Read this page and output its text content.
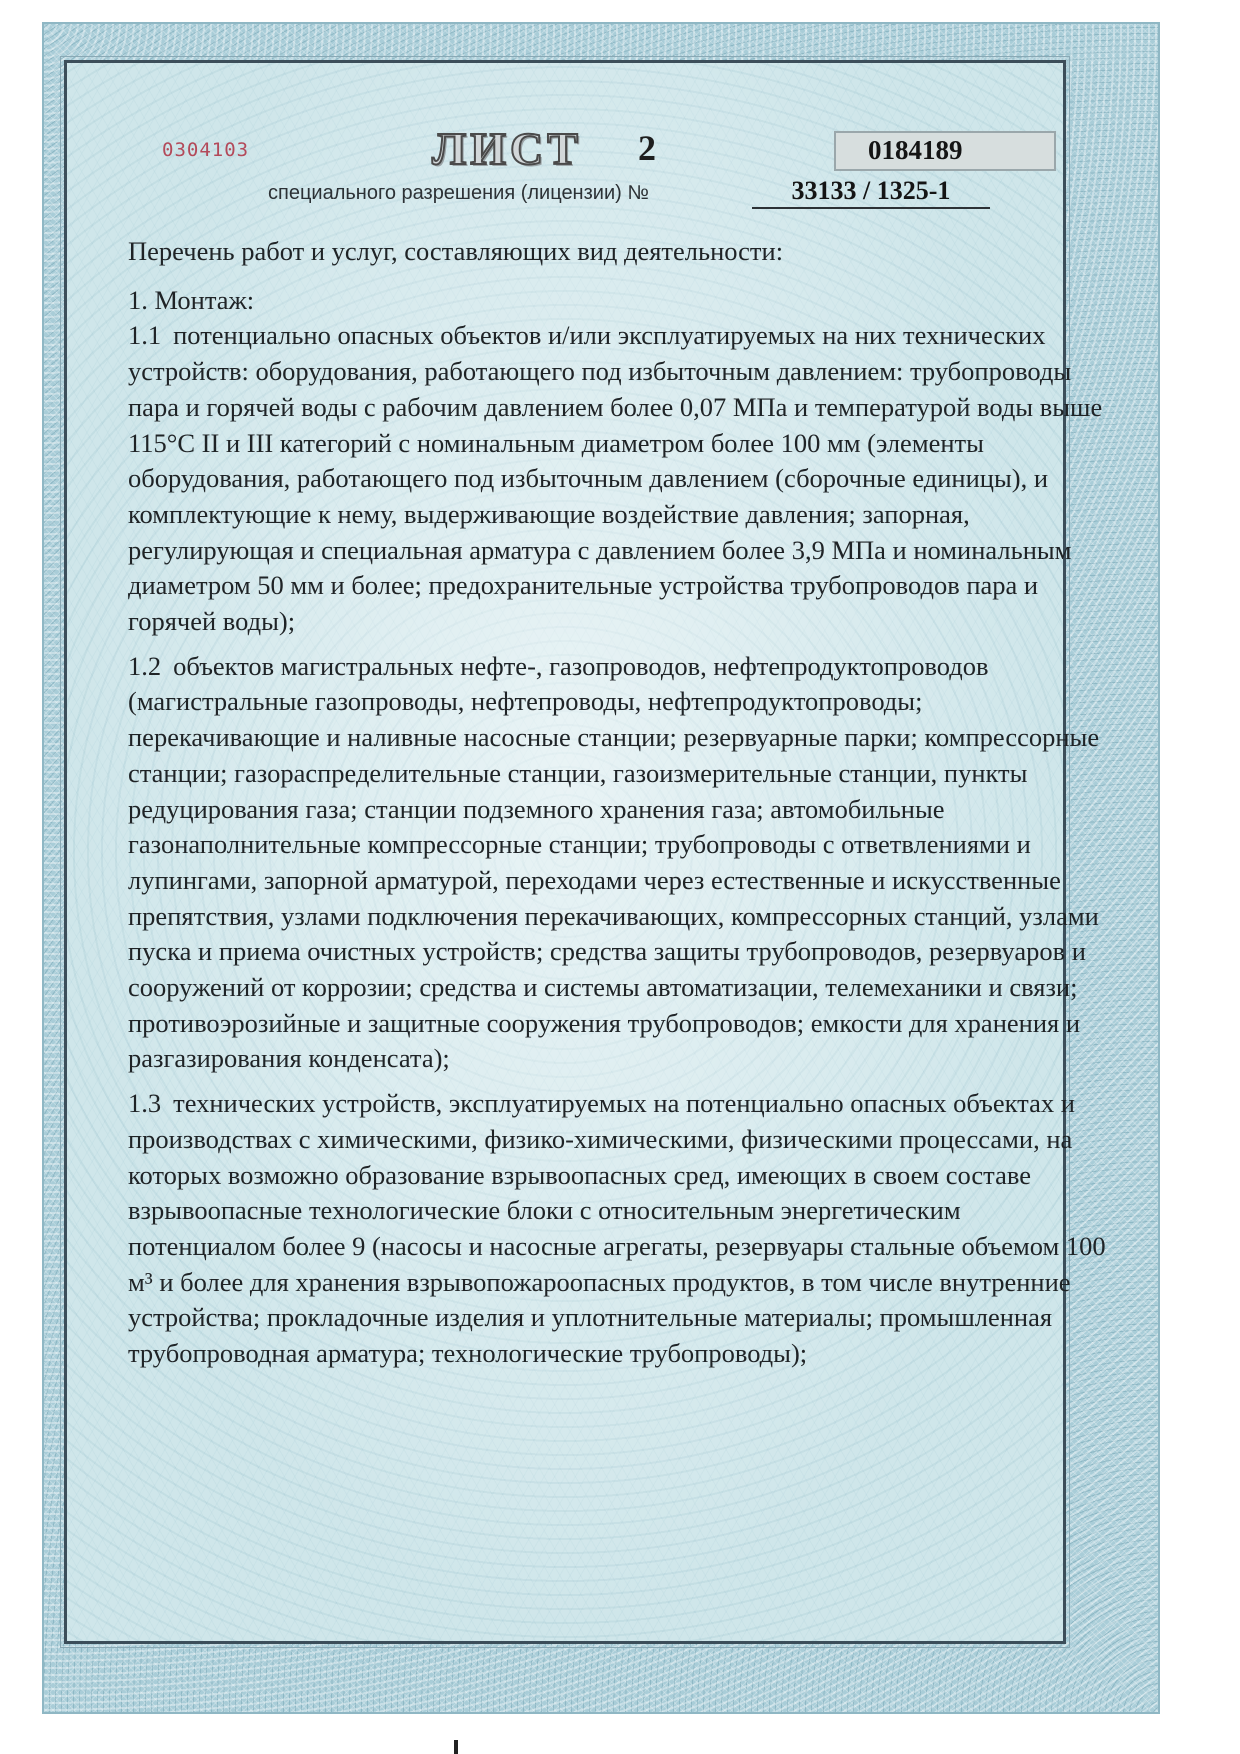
0304103	ЛИСТ 2	0184189
специального разрешения (лицензии) №	33133 / 1325-1

Перечень работ и услуг, составляющих вид деятельности:

1. Монтаж:

1.1 потенциально опасных объектов и/или эксплуатируемых на них технических устройств: оборудования, работающего под избыточным давлением: трубопроводы пара и горячей воды с рабочим давлением более 0,07 МПа и температурой воды выше 115°С II и III категорий с номинальным диаметром более 100 мм (элементы оборудования, работающего под избыточным давлением (сборочные единицы), и комплектующие к нему, выдерживающие воздействие давления; запорная, регулирующая и специальная арматура с давлением более 3,9 МПа и номинальным диаметром 50 мм и более; предохранительные устройства трубопроводов пара и горячей воды);

1.2 объектов магистральных нефте-, газопроводов, нефтепродуктопроводов (магистральные газопроводы, нефтепроводы, нефтепродуктопроводы; перекачивающие и наливные насосные станции; резервуарные парки; компрессорные станции; газораспределительные станции, газоизмерительные станции, пункты редуцирования газа; станции подземного хранения газа; автомобильные газонаполнительные компрессорные станции; трубопроводы с ответвлениями и лупингами, запорной арматурой, переходами через естественные и искусственные препятствия, узлами подключения перекачивающих, компрессорных станций, узлами пуска и приема очистных устройств; средства защиты трубопроводов, резервуаров и сооружений от коррозии; средства и системы автоматизации, телемеханики и связи; противоэрозийные и защитные сооружения трубопроводов; емкости для хранения и разгазирования конденсата);

1.3 технических устройств, эксплуатируемых на потенциально опасных объектах и производствах с химическими, физико-химическими, физическими процессами, на которых возможно образование взрывоопасных сред, имеющих в своем составе взрывоопасные технологические блоки с относительным энергетическим потенциалом более 9 (насосы и насосные агрегаты, резервуары стальные объемом 100 м³ и более для хранения взрывопожароопасных продуктов, в том числе внутренние устройства; прокладочные изделия и уплотнительные материалы; промышленная трубопроводная арматура; технологические трубопроводы);
